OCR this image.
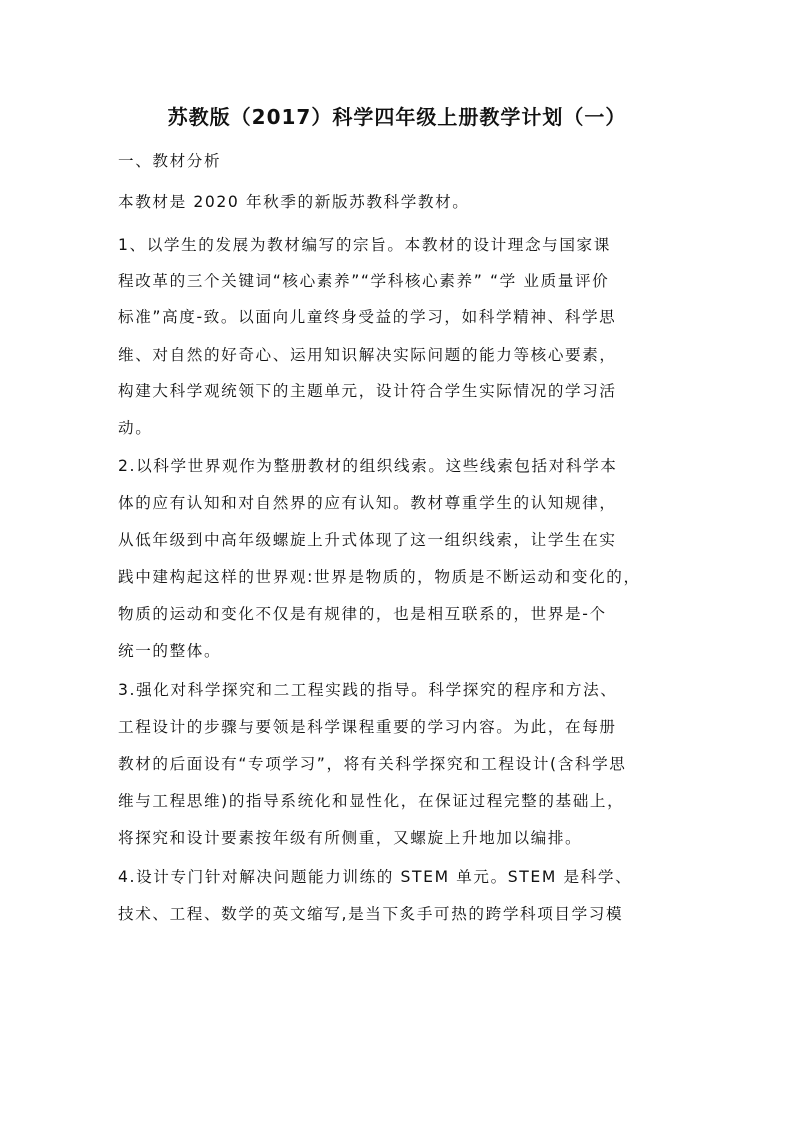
苏教版（2017）科学四年级上册教学计划（一）
一、教材分析
本教材是 2020 年秋季的新版苏教科学教材。
1、以学生的发展为教材编写的宗旨。本教材的设计理念与国家课
程改革的三个关键词“核心素养”“学科核心素养” “学 业质量评价
标准”高度-致。以面向儿童终身受益的学习，如科学精神、科学思
维、对自然的好奇心、运用知识解决实际问题的能力等核心要素，
构建大科学观统领下的主题单元，设计符合学生实际情况的学习活
动。
2.以科学世界观作为整册教材的组织线索。这些线索包括对科学本
体的应有认知和对自然界的应有认知。教材尊重学生的认知规律，
从低年级到中高年级螺旋上升式体现了这一组织线索，让学生在实
践中建构起这样的世界观:世界是物质的，物质是不断运动和变化的，
物质的运动和变化不仅是有规律的，也是相互联系的，世界是-个
统一的整体。
3.强化对科学探究和二工程实践的指导。科学探究的程序和方法、
工程设计的步骤与要领是科学课程重要的学习内容。为此，在每册
教材的后面设有“专项学习”，将有关科学探究和工程设计(含科学思
维与工程思维)的指导系统化和显性化，在保证过程完整的基础上，
将探究和设计要素按年级有所侧重，又螺旋上升地加以编排。
4.设计专门针对解决问题能力训练的 STEM 单元。STEM 是科学、
技术、工程、数学的英文缩写,是当下炙手可热的跨学科项目学习模
